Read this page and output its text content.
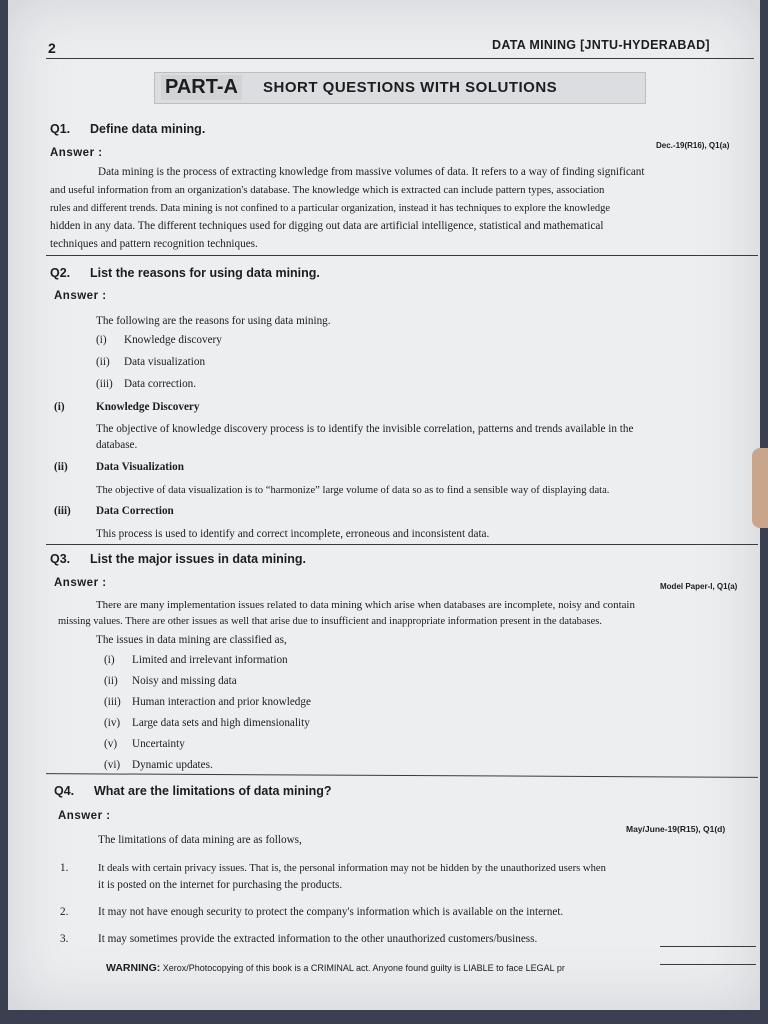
2	DATA MINING [JNTU-HYDERABAD]
PART-A SHORT QUESTIONS WITH SOLUTIONS
Q1. Define data mining.
Answer :
Dec.-19(R16), Q1(a)
Data mining is the process of extracting knowledge from massive volumes of data. It refers to a way of finding significant
and useful information from an organization's database. The knowledge which is extracted can include pattern types, association
rules and different trends. Data mining is not confined to a particular organization, instead it has techniques to explore the knowledge
hidden in any data. The different techniques used for digging out data are artificial intelligence, statistical and mathematical
techniques and pattern recognition techniques.
Q2. List the reasons for using data mining.
Answer :
The following are the reasons for using data mining.
(i) Knowledge discovery
(ii) Data visualization
(iii) Data correction.
(i)	Knowledge Discovery
The objective of knowledge discovery process is to identify the invisible correlation, patterns and trends available in the
database.
(ii)	Data Visualization
The objective of data visualization is to “harmonize” large volume of data so as to find a sensible way of displaying data.
(iii) Data Correction
This process is used to identify and correct incomplete, erroneous and inconsistent data.
Q3. List the major issues in data mining.
Answer :	Model Paper-I, Q1(a)
There are many implementation issues related to data mining which arise when databases are incomplete, noisy and contain
missing values. There are other issues as well that arise due to insufficient and inappropriate information present in the databases.
The issues in data mining are classified as,
(i) Limited and irrelevant information
(ii) Noisy and missing data
(iii) Human interaction and prior knowledge
(iv) Large data sets and high dimensionality
(v) Uncertainty
(vi) Dynamic updates.
Q4. What are the limitations of data mining?
Answer :
May/June-19(R15), Q1(d)
The limitations of data mining are as follows,
1.	It deals with certain privacy issues. That is, the personal information may not be hidden by the unauthorized users when
it is posted on the internet for purchasing the products.
2.	It may not have enough security to protect the company's information which is available on the internet.
3.	It may sometimes provide the extracted information to the other unauthorized customers/business.
WARNING: Xerox/Photocopying of this book is a CRIMINAL act. Anyone found guilty is LIABLE to face LEGAL pr
